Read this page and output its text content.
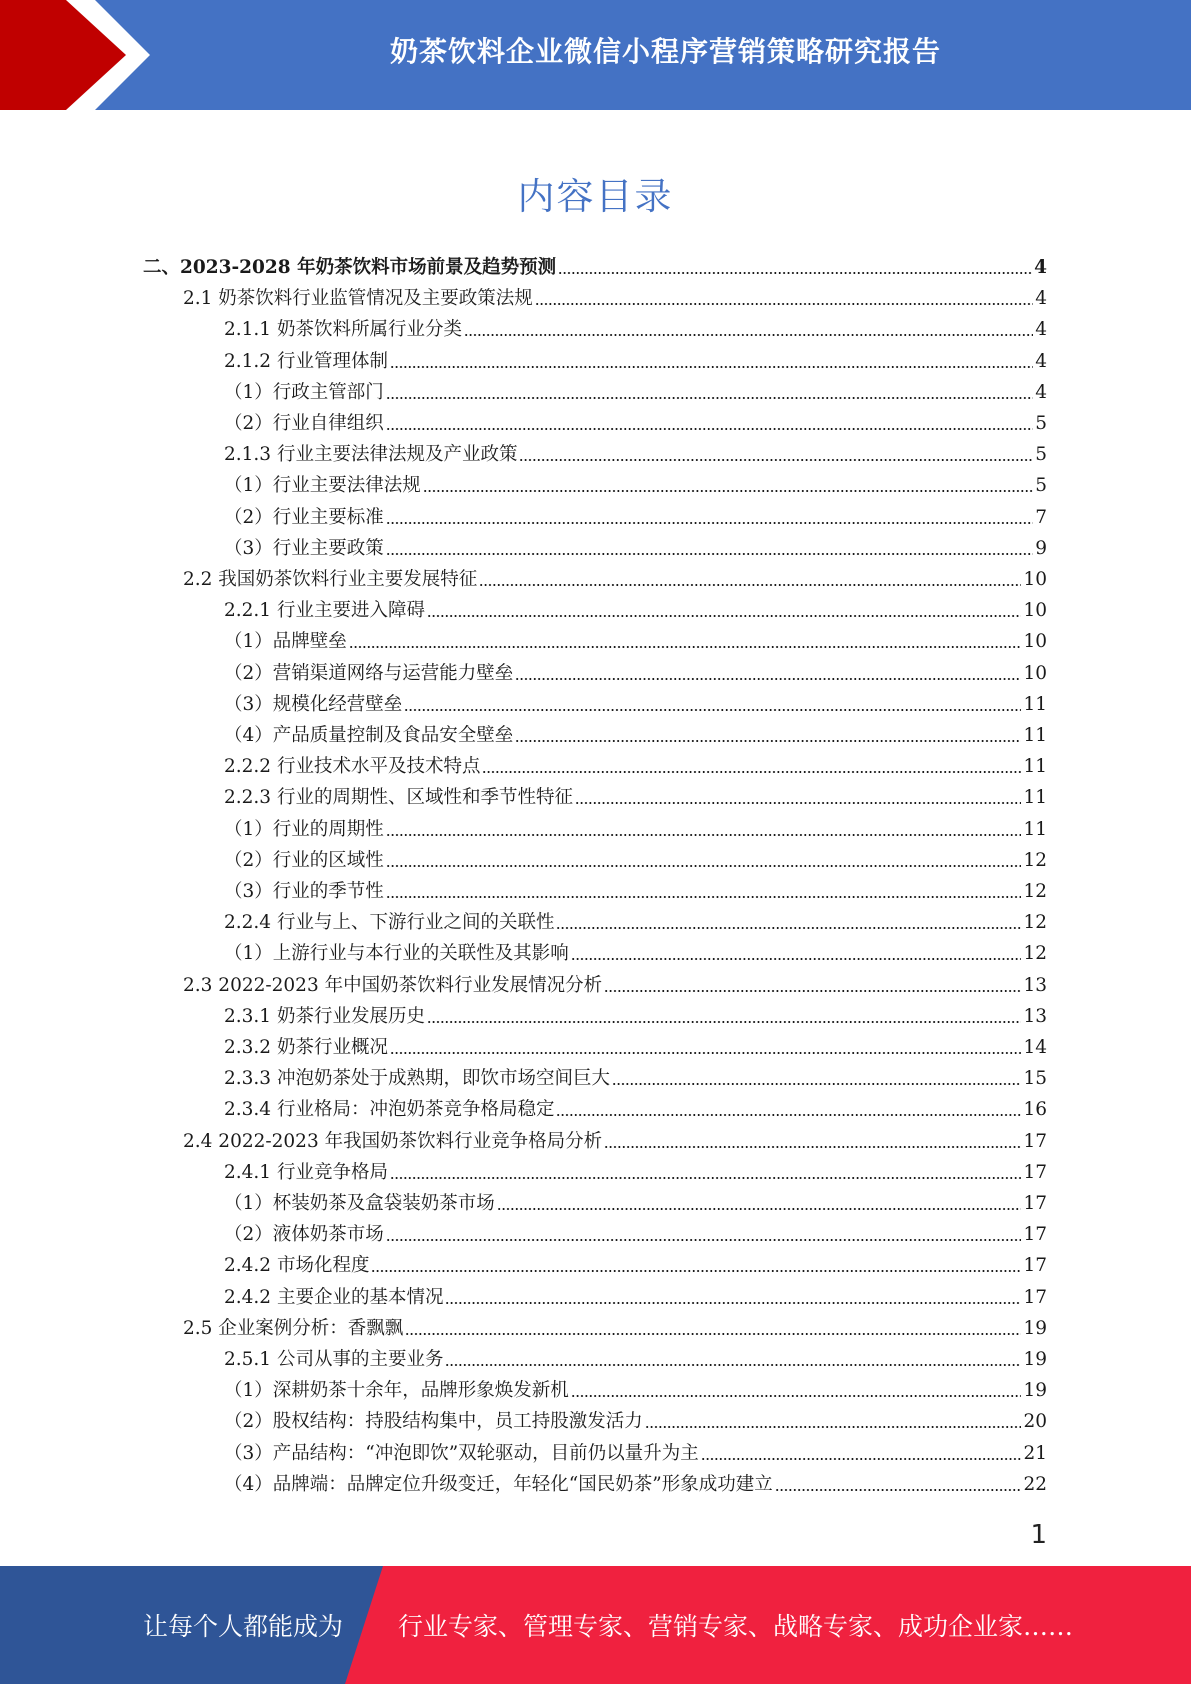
奶茶饮料企业微信小程序营销策略研究报告
内容目录
二、2023-2028 年奶茶饮料市场前景及趋势预测	4
2.1 奶茶饮料行业监管情况及主要政策法规	4
2.1.1 奶茶饮料所属行业分类	4
2.1.2 行业管理体制	4
（1）行政主管部门	4
（2）行业自律组织	5
2.1.3 行业主要法律法规及产业政策	5
（1）行业主要法律法规	5
（2）行业主要标准	7
（3）行业主要政策	9
2.2 我国奶茶饮料行业主要发展特征	10
2.2.1 行业主要进入障碍	10
（1）品牌壁垒	10
（2）营销渠道网络与运营能力壁垒	10
（3）规模化经营壁垒	11
（4）产品质量控制及食品安全壁垒	11
2.2.2 行业技术水平及技术特点	11
2.2.3 行业的周期性、区域性和季节性特征	11
（1）行业的周期性	11
（2）行业的区域性	12
（3）行业的季节性	12
2.2.4 行业与上、下游行业之间的关联性	12
（1）上游行业与本行业的关联性及其影响	12
2.3 2022-2023 年中国奶茶饮料行业发展情况分析	13
2.3.1 奶茶行业发展历史	13
2.3.2 奶茶行业概况	14
2.3.3 冲泡奶茶处于成熟期，即饮市场空间巨大	15
2.3.4 行业格局：冲泡奶茶竞争格局稳定	16
2.4 2022-2023 年我国奶茶饮料行业竞争格局分析	17
2.4.1 行业竞争格局	17
（1）杯装奶茶及盒袋装奶茶市场	17
（2）液体奶茶市场	17
2.4.2 市场化程度	17
2.4.2 主要企业的基本情况	17
2.5 企业案例分析：香飘飘	19
2.5.1 公司从事的主要业务	19
（1）深耕奶茶十余年，品牌形象焕发新机	19
（2）股权结构：持股结构集中，员工持股激发活力	20
（3）产品结构：“冲泡即饮”双轮驱动，目前仍以量升为主	21
（4）品牌端：品牌定位升级变迁，年轻化“国民奶茶”形象成功建立	22
1
让每个人都能成为 行业专家、管理专家、营销专家、战略专家、成功企业家……
